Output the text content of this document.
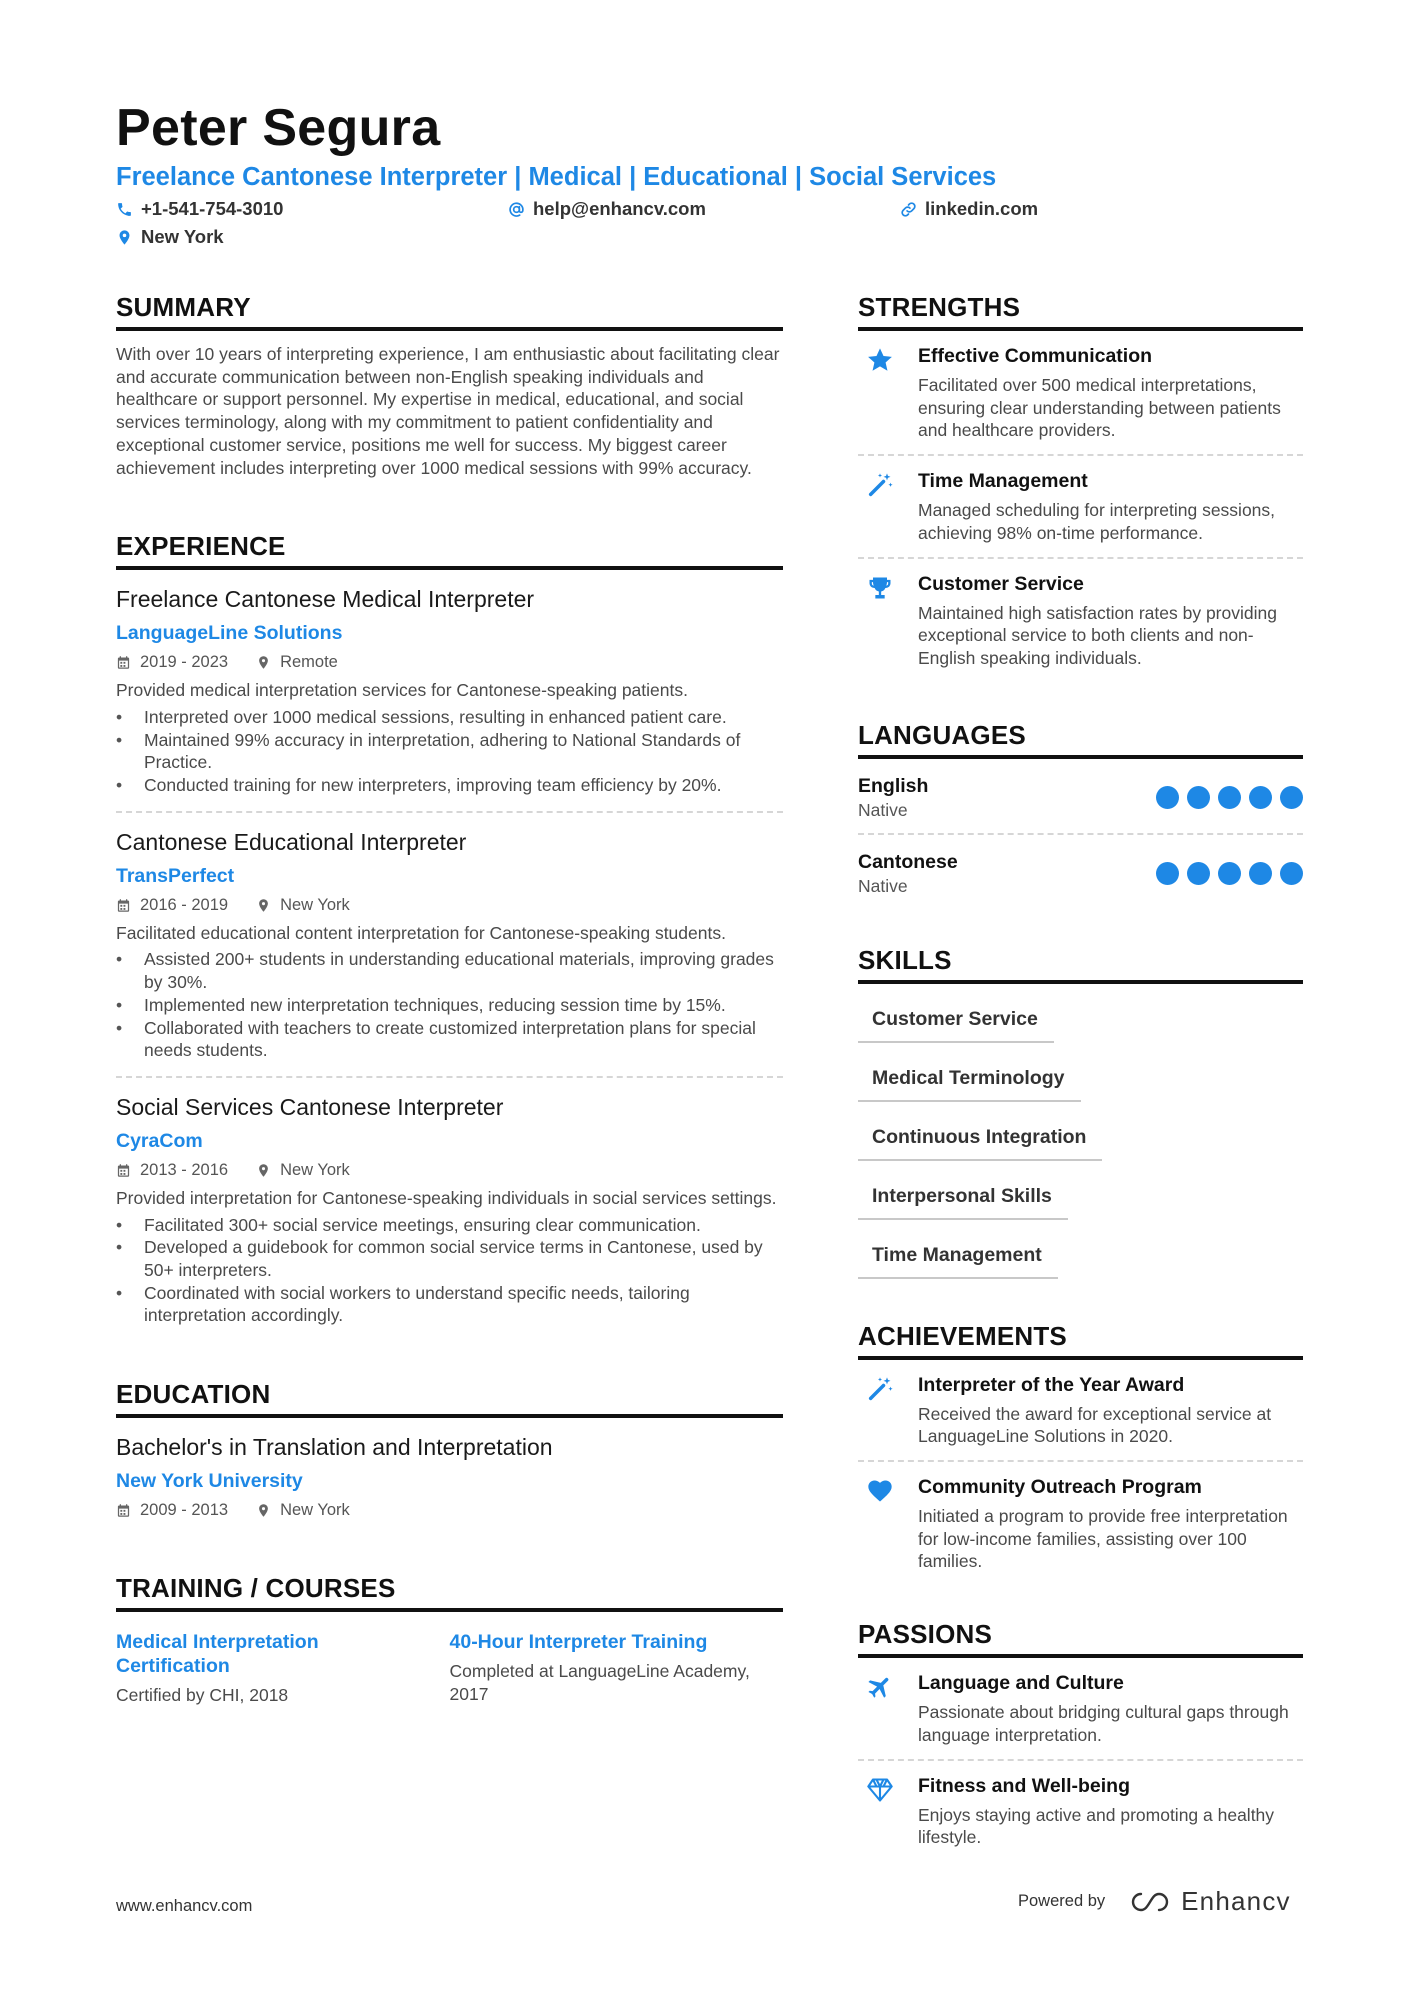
Peter Segura
Freelance Cantonese Interpreter | Medical | Educational | Social Services
+1-541-754-3010	help@enhancv.com	linkedin.com
New York
SUMMARY
With over 10 years of interpreting experience, I am enthusiastic about facilitating clear and accurate communication between non-English speaking individuals and healthcare or support personnel. My expertise in medical, educational, and social services terminology, along with my commitment to patient confidentiality and exceptional customer service, positions me well for success. My biggest career achievement includes interpreting over 1000 medical sessions with 99% accuracy.
EXPERIENCE
Freelance Cantonese Medical Interpreter
LanguageLine Solutions
2019 - 2023	Remote
Provided medical interpretation services for Cantonese-speaking patients.
• Interpreted over 1000 medical sessions, resulting in enhanced patient care.
• Maintained 99% accuracy in interpretation, adhering to National Standards of Practice.
• Conducted training for new interpreters, improving team efficiency by 20%.
Cantonese Educational Interpreter
TransPerfect
2016 - 2019	New York
Facilitated educational content interpretation for Cantonese-speaking students.
• Assisted 200+ students in understanding educational materials, improving grades by 30%.
• Implemented new interpretation techniques, reducing session time by 15%.
• Collaborated with teachers to create customized interpretation plans for special needs students.
Social Services Cantonese Interpreter
CyraCom
2013 - 2016	New York
Provided interpretation for Cantonese-speaking individuals in social services settings.
• Facilitated 300+ social service meetings, ensuring clear communication.
• Developed a guidebook for common social service terms in Cantonese, used by 50+ interpreters.
• Coordinated with social workers to understand specific needs, tailoring interpretation accordingly.
EDUCATION
Bachelor's in Translation and Interpretation
New York University
2009 - 2013	New York
TRAINING / COURSES
Medical Interpretation Certification
Certified by CHI, 2018
40-Hour Interpreter Training
Completed at LanguageLine Academy, 2017
STRENGTHS
Effective Communication
Facilitated over 500 medical interpretations, ensuring clear understanding between patients and healthcare providers.
Time Management
Managed scheduling for interpreting sessions, achieving 98% on-time performance.
Customer Service
Maintained high satisfaction rates by providing exceptional service to both clients and non-English speaking individuals.
LANGUAGES
English
Native
Cantonese
Native
SKILLS
Customer Service
Medical Terminology
Continuous Integration
Interpersonal Skills
Time Management
ACHIEVEMENTS
Interpreter of the Year Award
Received the award for exceptional service at LanguageLine Solutions in 2020.
Community Outreach Program
Initiated a program to provide free interpretation for low-income families, assisting over 100 families.
PASSIONS
Language and Culture
Passionate about bridging cultural gaps through language interpretation.
Fitness and Well-being
Enjoys staying active and promoting a healthy lifestyle.
www.enhancv.com	Powered by	Enhancv
